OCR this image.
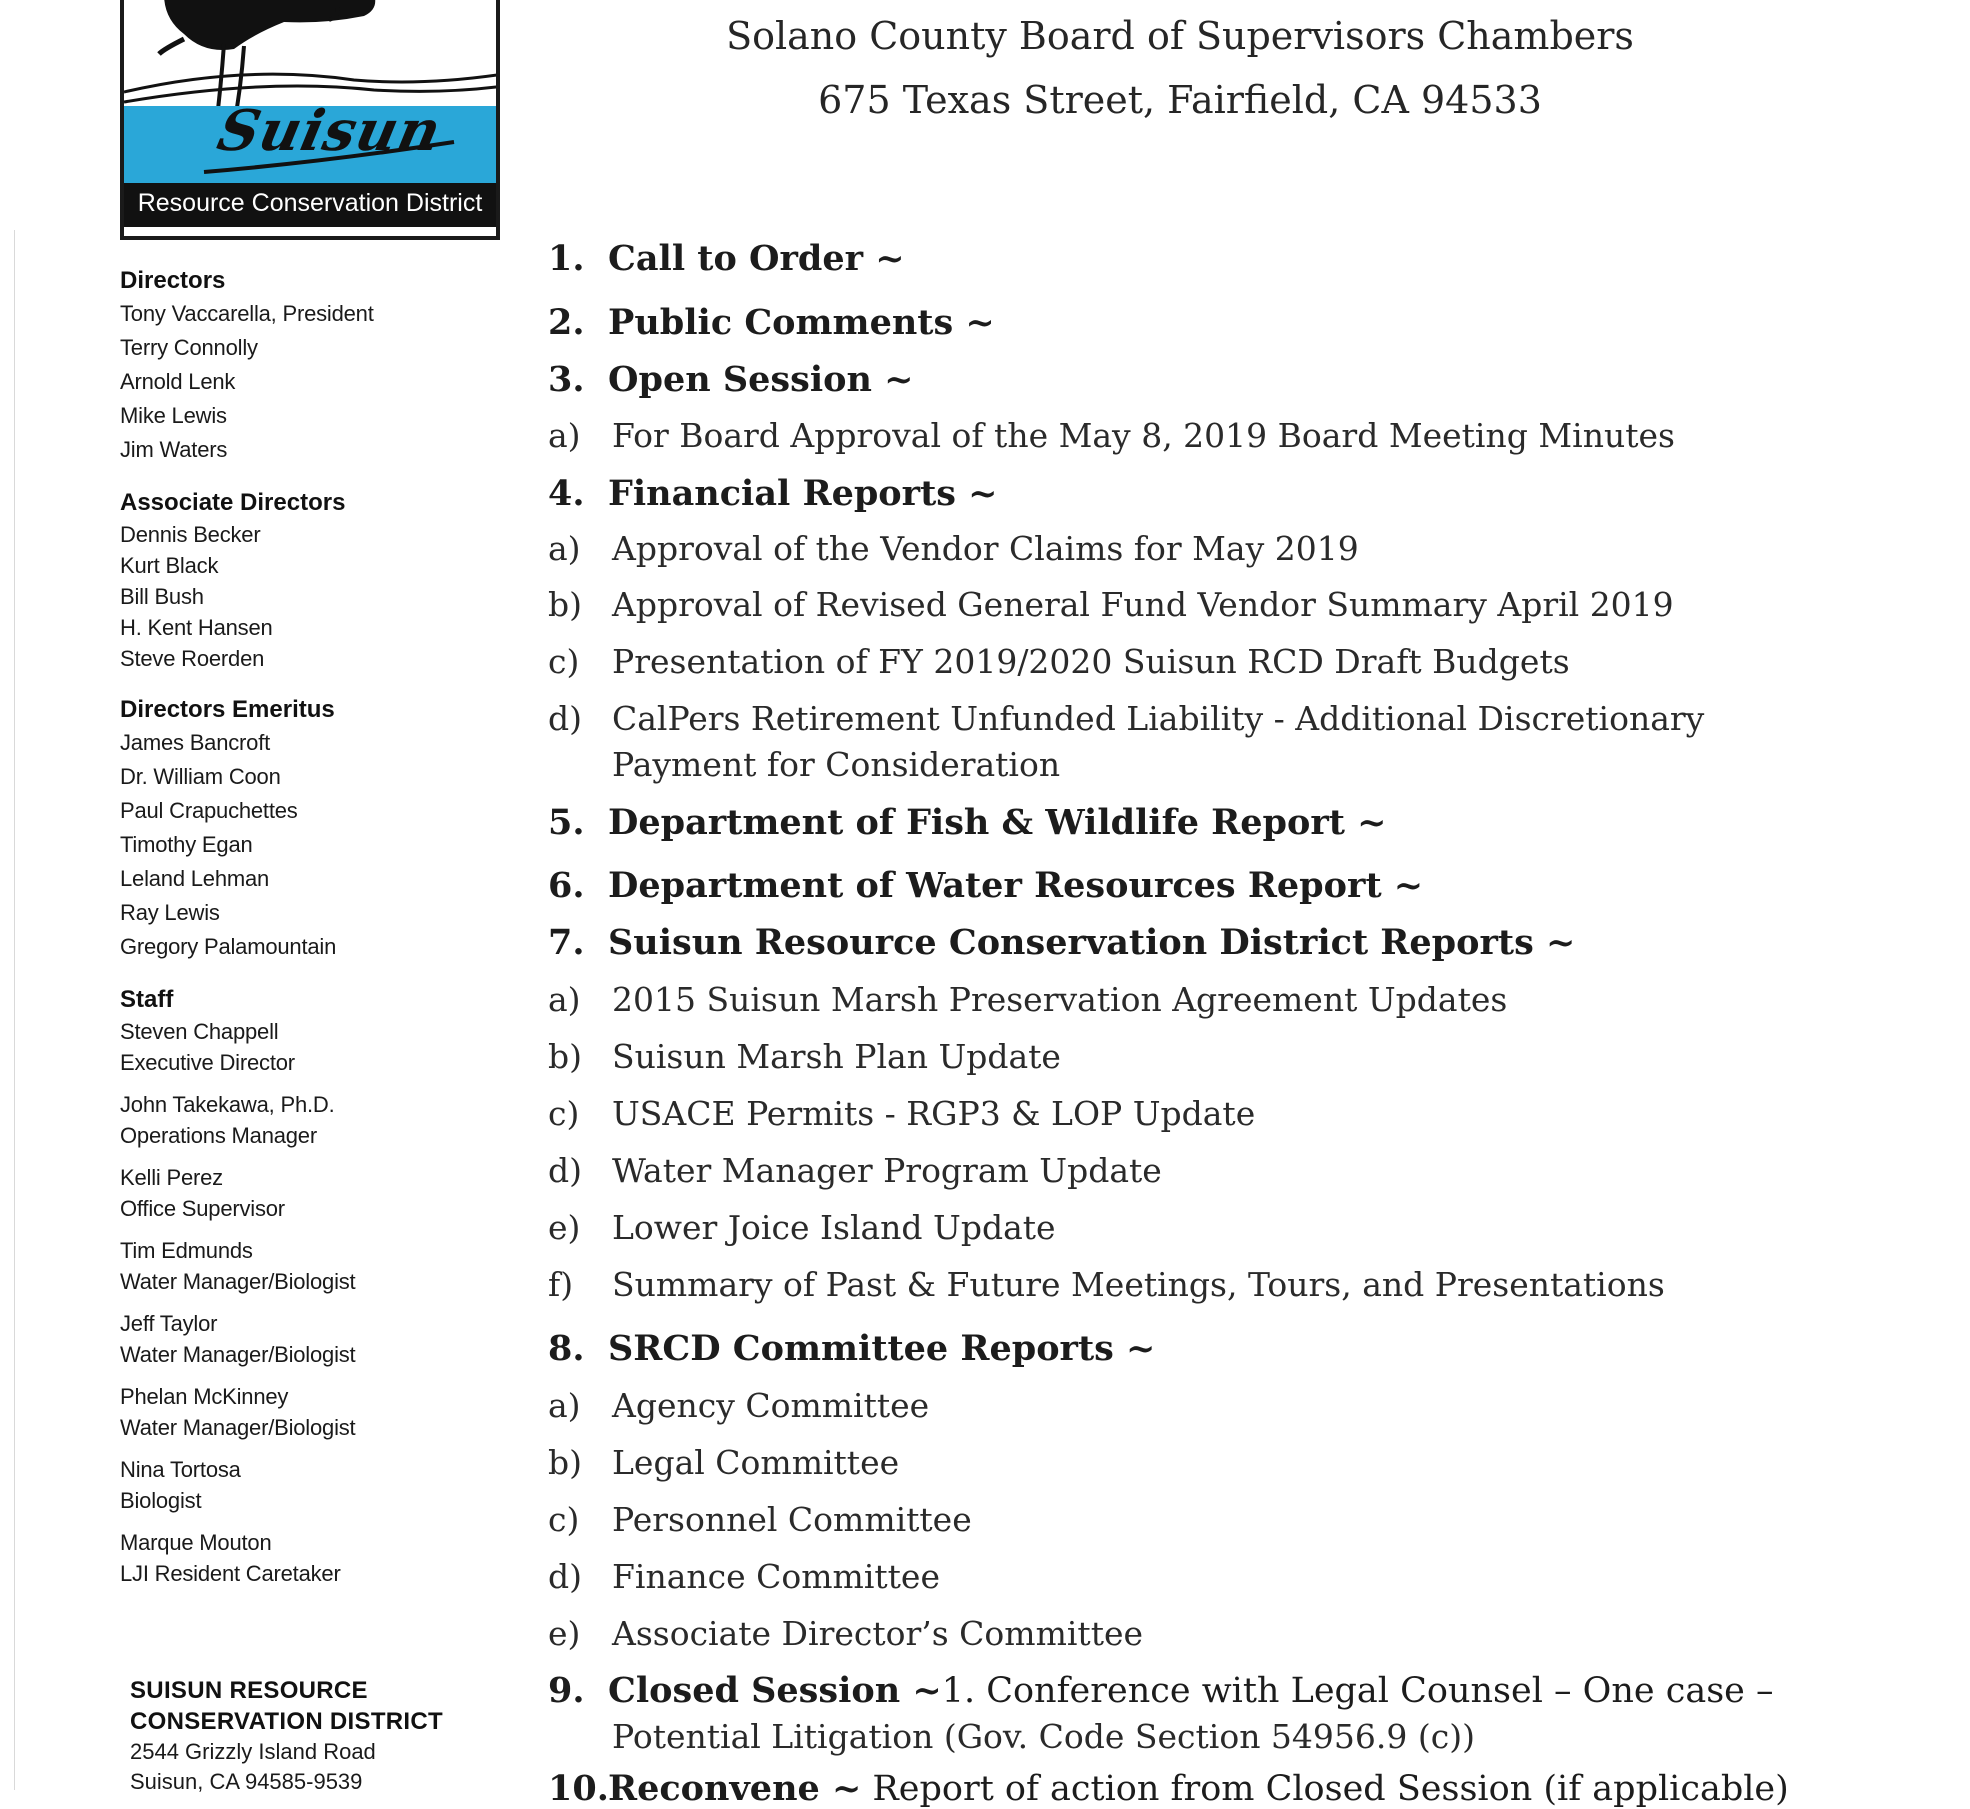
Suisun
Resource Conservation District
Directors
Tony Vaccarella, President
Terry Connolly
Arnold Lenk
Mike Lewis
Jim Waters
Associate Directors
Dennis Becker
Kurt Black
Bill Bush
H. Kent Hansen
Steve Roerden
Directors Emeritus
James Bancroft
Dr. William Coon
Paul Crapuchettes
Timothy Egan
Leland Lehman
Ray Lewis
Gregory Palamountain
Staff
Steven Chappell
Executive Director
John Takekawa, Ph.D.
Operations Manager
Kelli Perez
Office Supervisor
Tim Edmunds
Water Manager/Biologist
Jeff Taylor
Water Manager/Biologist
Phelan McKinney
Water Manager/Biologist
Nina Tortosa
Biologist
Marque Mouton
LJI Resident Caretaker
SUISUN RESOURCE
CONSERVATION DISTRICT
2544 Grizzly Island Road
Suisun, CA 94585-9539
Solano County Board of Supervisors Chambers
675 Texas Street, Fairfield, CA 94533
1. Call to Order ~
2. Public Comments ~
3. Open Session ~
a) For Board Approval of the May 8, 2019 Board Meeting Minutes
4. Financial Reports ~
a) Approval of the Vendor Claims for May 2019
b) Approval of Revised General Fund Vendor Summary April 2019
c) Presentation of FY 2019/2020 Suisun RCD Draft Budgets
d) CalPers Retirement Unfunded Liability - Additional Discretionary
Payment for Consideration
5. Department of Fish & Wildlife Report ~
6. Department of Water Resources Report ~
7. Suisun Resource Conservation District Reports ~
a) 2015 Suisun Marsh Preservation Agreement Updates
b) Suisun Marsh Plan Update
c) USACE Permits - RGP3 & LOP Update
d) Water Manager Program Update
e) Lower Joice Island Update
f) Summary of Past & Future Meetings, Tours, and Presentations
8. SRCD Committee Reports ~
a) Agency Committee
b) Legal Committee
c) Personnel Committee
d) Finance Committee
e) Associate Director’s Committee
9. Closed Session ~1. Conference with Legal Counsel – One case –
Potential Litigation (Gov. Code Section 54956.9 (c))
10.Reconvene ~ Report of action from Closed Session (if applicable)
